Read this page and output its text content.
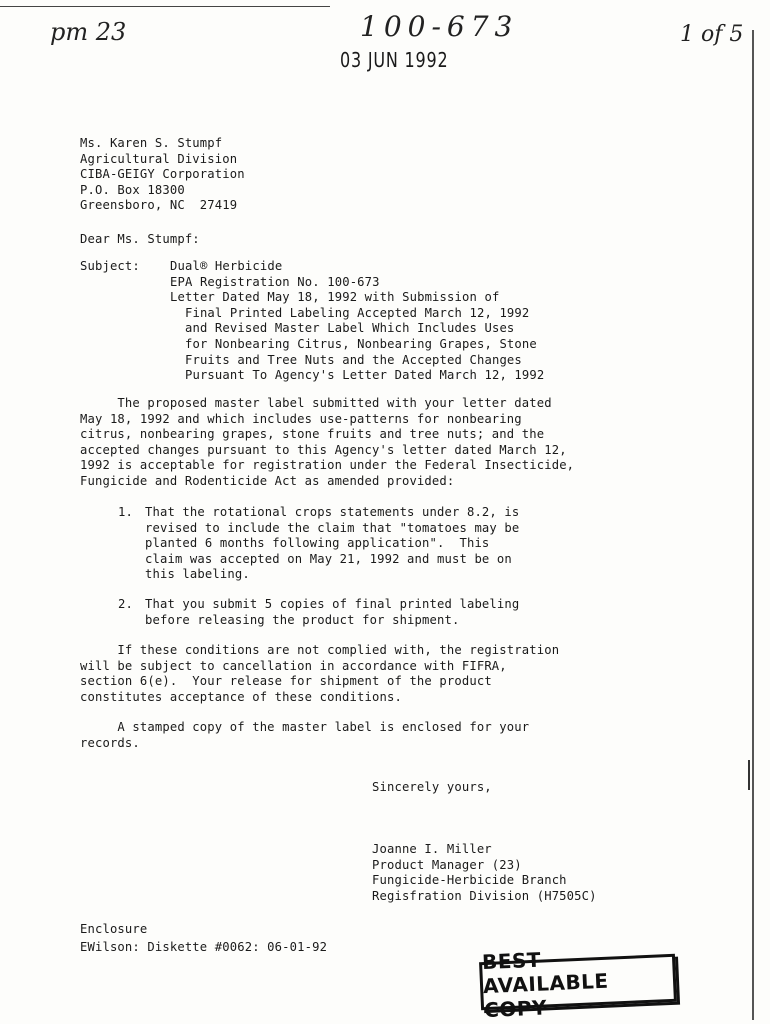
pm 23	100-673	1 of 5
03 JUN 1992
Ms. Karen S. Stumpf
Agricultural Division
CIBA-GEIGY Corporation
P.O. Box 18300
Greensboro, NC  27419
Dear Ms. Stumpf:
Subject: Dual® Herbicide
EPA Registration No. 100-673
Letter Dated May 18, 1992 with Submission of
Final Printed Labeling Accepted March 12, 1992
and Revised Master Label Which Includes Uses
for Nonbearing Citrus, Nonbearing Grapes, Stone
Fruits and Tree Nuts and the Accepted Changes
Pursuant To Agency's Letter Dated March 12, 1992
The proposed master label submitted with your letter dated
May 18, 1992 and which includes use-patterns for nonbearing
citrus, nonbearing grapes, stone fruits and tree nuts; and the
accepted changes pursuant to this Agency's letter dated March 12,
1992 is acceptable for registration under the Federal Insecticide,
Fungicide and Rodenticide Act as amended provided:
1. That the rotational crops statements under 8.2, is
revised to include the claim that "tomatoes may be
planted 6 months following application".  This
claim was accepted on May 21, 1992 and must be on
this labeling.
2. That you submit 5 copies of final printed labeling
before releasing the product for shipment.
If these conditions are not complied with, the registration
will be subject to cancellation in accordance with FIFRA,
section 6(e).  Your release for shipment of the product
constitutes acceptance of these conditions.
A stamped copy of the master label is enclosed for your
records.
Sincerely yours,
Joanne I. Miller
Product Manager (23)
Fungicide-Herbicide Branch
Regisfration Division (H7505C)
Enclosure
EWilson: Diskette #0062: 06-01-92
BEST AVAILABLE COPY
